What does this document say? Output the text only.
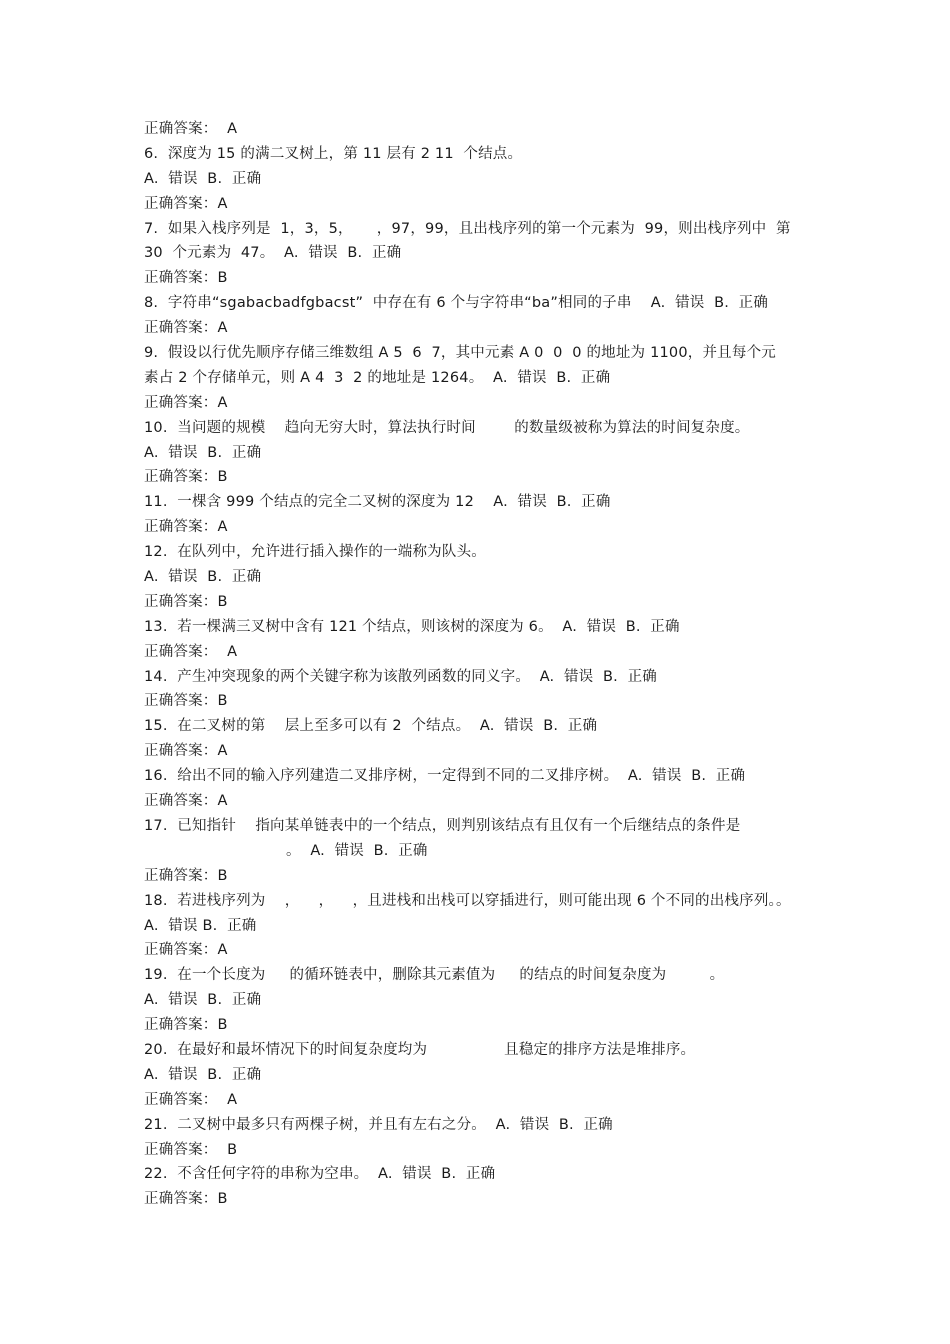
正确答案：  A
6.  深度为 15 的满二叉树上，第 11 层有 2 11  个结点。
A.  错误  B.  正确
正确答案：A
7.  如果入栈序列是  1，3，5，     ，97，99，且出栈序列的第一个元素为  99，则出栈序列中  第
30  个元素为  47。  A.  错误  B.  正确
正确答案：B
8.  字符串“sgabacbadfgbacst”  中存在有 6 个与字符串“ba”相同的子串    A.  错误  B.  正确
正确答案：A
9.  假设以行优先顺序存储三维数组 A 5  6  7，其中元素 A 0  0  0 的地址为 1100，并且每个元
素占 2 个存储单元，则 A 4  3  2 的地址是 1264。  A.  错误  B.  正确
正确答案：A
10.  当问题的规模    趋向无穷大时，算法执行时间        的数量级被称为算法的时间复杂度。
A.  错误  B.  正确
正确答案：B
11.  一棵含 999 个结点的完全二叉树的深度为 12    A.  错误  B.  正确
正确答案：A
12.  在队列中，允许进行插入操作的一端称为队头。
A.  错误  B.  正确
正确答案：B
13.  若一棵满三叉树中含有 121 个结点，则该树的深度为 6。  A.  错误  B.  正确
正确答案：  A
14.  产生冲突现象的两个关键字称为该散列函数的同义字。  A.  错误  B.  正确
正确答案：B
15.  在二叉树的第    层上至多可以有 2  个结点。  A.  错误  B.  正确
正确答案：A
16.  给出不同的输入序列建造二叉排序树，一定得到不同的二叉排序树。  A.  错误  B.  正确
正确答案：A
17.  已知指针    指向某单链表中的一个结点，则判别该结点有且仅有一个后继结点的条件是
。  A.  错误  B.  正确
正确答案：B
18.  若进栈序列为    ，    ，    ，且进栈和出栈可以穿插进行，则可能出现 6 个不同的出栈序列。。
A.  错误 B.  正确
正确答案：A
19.  在一个长度为     的循环链表中，删除其元素值为     的结点的时间复杂度为         。
A.  错误  B.  正确
正确答案：B
20.  在最好和最坏情况下的时间复杂度均为                且稳定的排序方法是堆排序。
A.  错误  B.  正确
正确答案：  A
21.  二叉树中最多只有两棵子树，并且有左右之分。  A.  错误  B.  正确
正确答案：  B
22.  不含任何字符的串称为空串。  A.  错误  B.  正确
正确答案：B
